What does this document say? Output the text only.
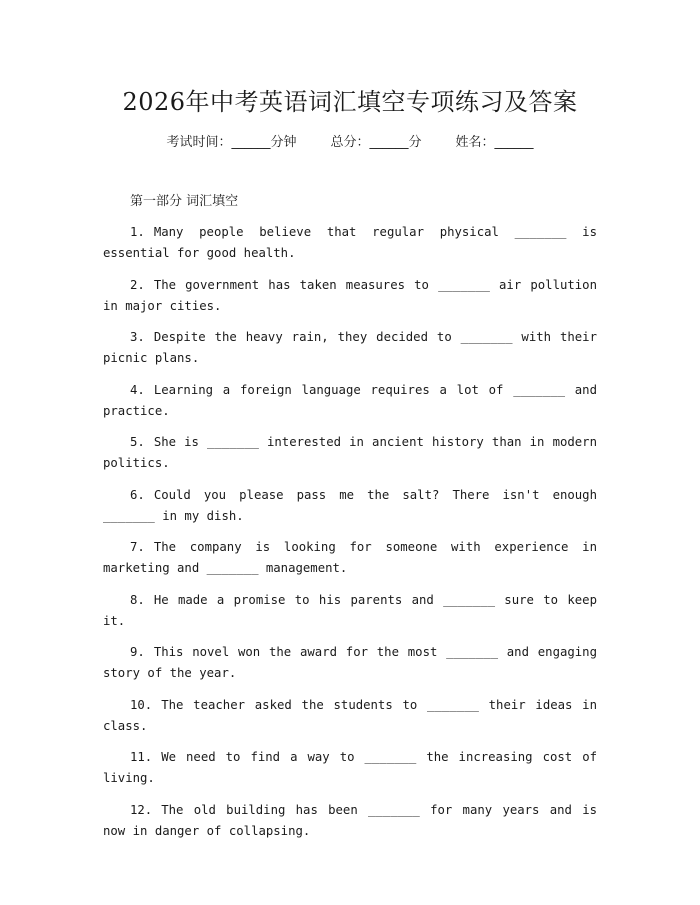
2026年中考英语词汇填空专项练习及答案
考试时间：______分钟	总分：______分	姓名：______
第一部分 词汇填空

1. Many people believe that regular physical _______ is essential for good health.

2. The government has taken measures to _______ air pollution in major cities.

3. Despite the heavy rain, they decided to _______ with their picnic plans.

4. Learning a foreign language requires a lot of _______ and practice.

5. She is _______ interested in ancient history than in modern politics.

6. Could you please pass me the salt? There isn't enough _______ in my dish.

7. The company is looking for someone with experience in marketing and _______ management.

8. He made a promise to his parents and _______ sure to keep it.

9. This novel won the award for the most _______ and engaging story of the year.

10. The teacher asked the students to _______ their ideas in class.

11. We need to find a way to _______ the increasing cost of living.

12. The old building has been _______ for many years and is now in danger of collapsing.
